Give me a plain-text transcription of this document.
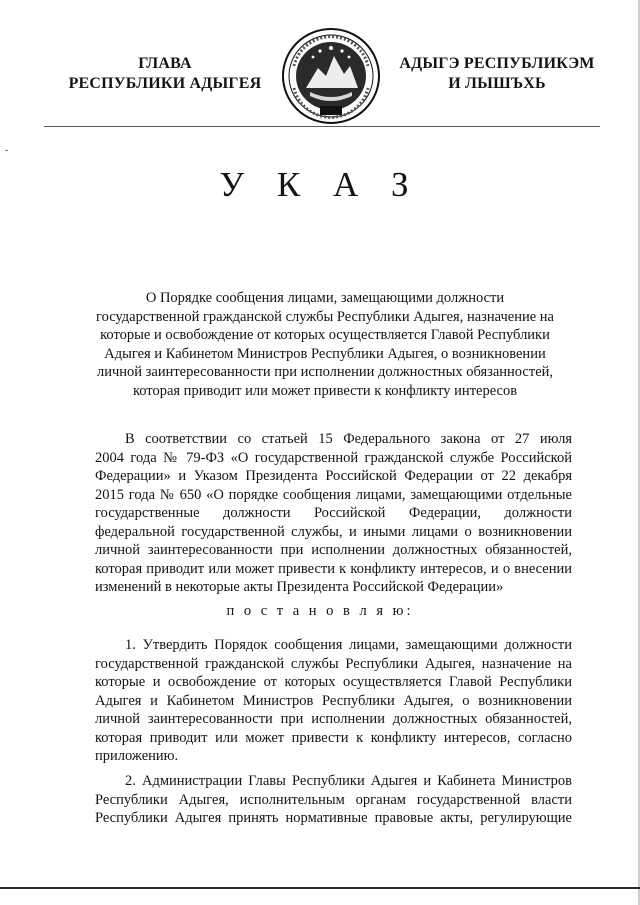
ГЛАВА
РЕСПУБЛИКИ АДЫГЕЯ
АДЫГЭ РЕСПУБЛИКЭМ
И ЛЫШЪХЬ
У К А З
О Порядке сообщения лицами, замещающими должности
государственной гражданской службы Республики Адыгея, назначение на
которые и освобождение от которых осуществляется Главой Республики
Адыгея и Кабинетом Министров Республики Адыгея, о возникновении
личной заинтересованности при исполнении должностных обязанностей,
которая приводит или может привести к конфликту интересов
В соответствии со статьей 15 Федерального закона от 27 июля
2004 года № 79-ФЗ «О государственной гражданской службе Российской
Федерации» и Указом Президента Российской Федерации от 22 декабря
2015 года № 650 «О порядке сообщения лицами, замещающими отдельные
государственные должности Российской Федерации, должности
федеральной государственной службы, и иными лицами о возникновении
личной заинтересованности при исполнении должностных обязанностей,
которая приводит или может привести к конфликту интересов, и о внесении
изменений в некоторые акты Президента Российской Федерации»
п о с т а н о в л я ю:
1. Утвердить Порядок сообщения лицами, замещающими должности
государственной гражданской службы Республики Адыгея, назначение на
которые и освобождение от которых осуществляется Главой Республики
Адыгея и Кабинетом Министров Республики Адыгея, о возникновении
личной заинтересованности при исполнении должностных обязанностей,
которая приводит или может привести к конфликту интересов, согласно
приложению.
2. Администрации Главы Республики Адыгея и Кабинета Министров
Республики Адыгея, исполнительным органам государственной власти
Республики Адыгея принять нормативные правовые акты, регулирующие
